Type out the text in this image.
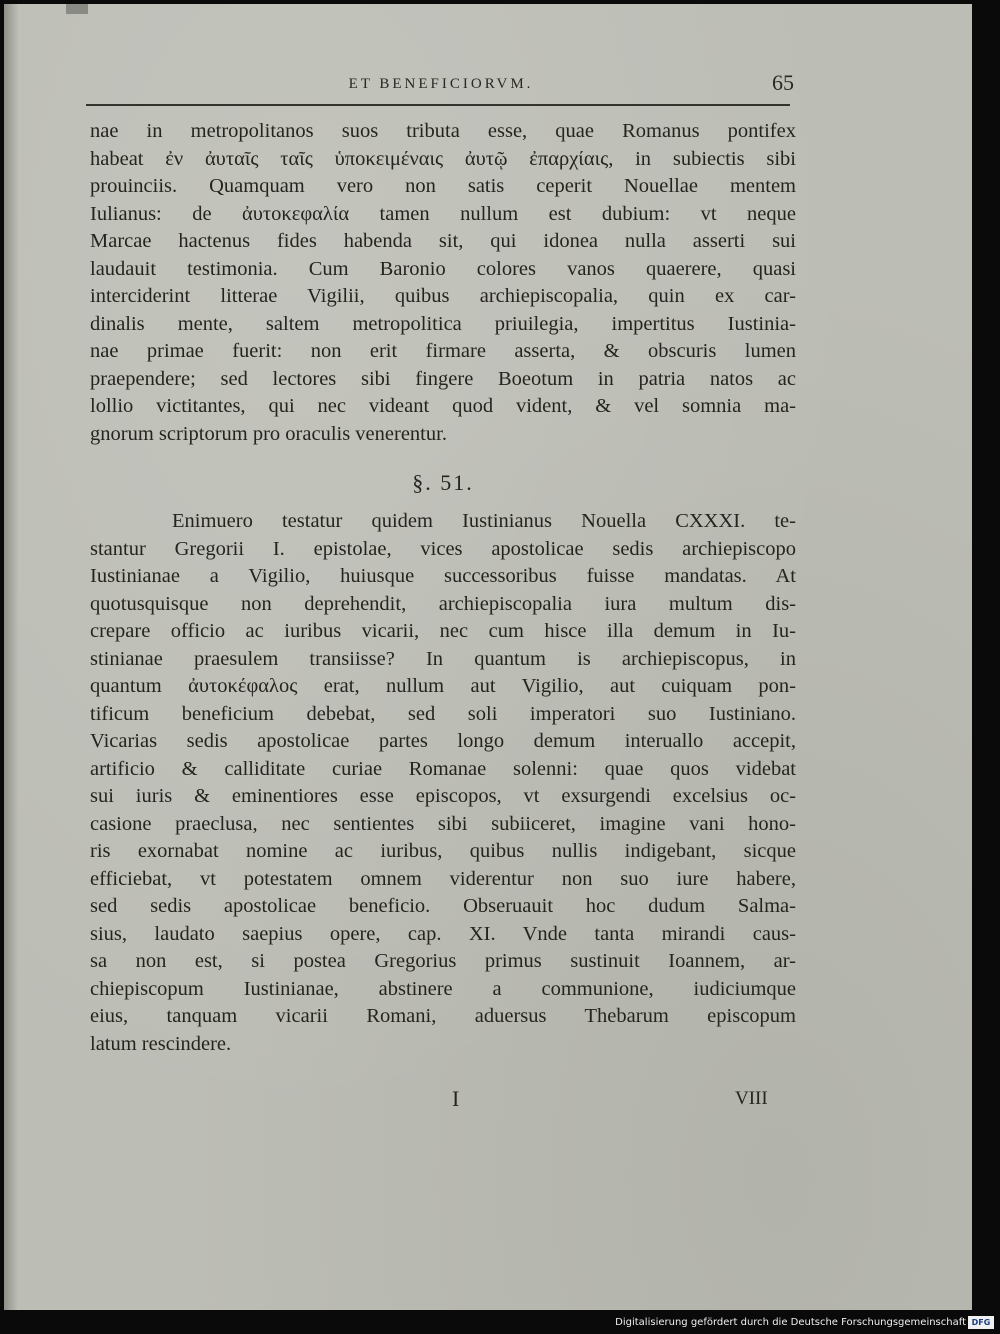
ET BENEFICIORVM.	65
nae in metropolitanos suos tributa esse, quae Romanus pontifex
habeat ἐν ἀυταῖς ταῖς ὑποκειμέναις ἀυτῷ ἐπαρχίαις, in subiectis sibi
prouinciis. Quamquam vero non satis ceperit Nouellae mentem
Iulianus: de ἀυτοκεφαλία tamen nullum est dubium: vt neque
Marcae hactenus fides habenda sit, qui idonea nulla asserti sui
laudauit testimonia. Cum Baronio colores vanos quaerere, quasi
interciderint litterae Vigilii, quibus archiepiscopalia, quin ex car-
dinalis mente, saltem metropolitica priuilegia, impertitus Iustinia-
nae primae fuerit: non erit firmare asserta, & obscuris lumen
praependere; sed lectores sibi fingere Boeotum in patria natos ac
lollio victitantes, qui nec videant quod vident, & vel somnia ma-
gnorum scriptorum pro oraculis venerentur.
§. 51.
Enimuero testatur quidem Iustinianus Nouella CXXXI. te-
stantur Gregorii I. epistolae, vices apostolicae sedis archiepiscopo
Iustinianae a Vigilio, huiusque successoribus fuisse mandatas. At
quotusquisque non deprehendit, archiepiscopalia iura multum dis-
crepare officio ac iuribus vicarii, nec cum hisce illa demum in Iu-
stinianae praesulem transiisse? In quantum is archiepiscopus, in
quantum ἀυτοκέφαλος erat, nullum aut Vigilio, aut cuiquam pon-
tificum beneficium debebat, sed soli imperatori suo Iustiniano.
Vicarias sedis apostolicae partes longo demum interuallo accepit,
artificio & calliditate curiae Romanae solenni: quae quos videbat
sui iuris & eminentiores esse episcopos, vt exsurgendi excelsius oc-
casione praeclusa, nec sentientes sibi subiiceret, imagine vani hono-
ris exornabat nomine ac iuribus, quibus nullis indigebant, sicque
efficiebat, vt potestatem omnem viderentur non suo iure habere,
sed sedis apostolicae beneficio. Obseruauit hoc dudum Salma-
sius, laudato saepius opere, cap. XI. Vnde tanta mirandi caus-
sa non est, si postea Gregorius primus sustinuit Ioannem, ar-
chiepiscopum Iustinianae, abstinere a communione, iudiciumque
eius, tanquam vicarii Romani, aduersus Thebarum episcopum
latum rescindere.
I	VIII
Digitalisierung gefördert durch die Deutsche Forschungsgemeinschaft DFG
